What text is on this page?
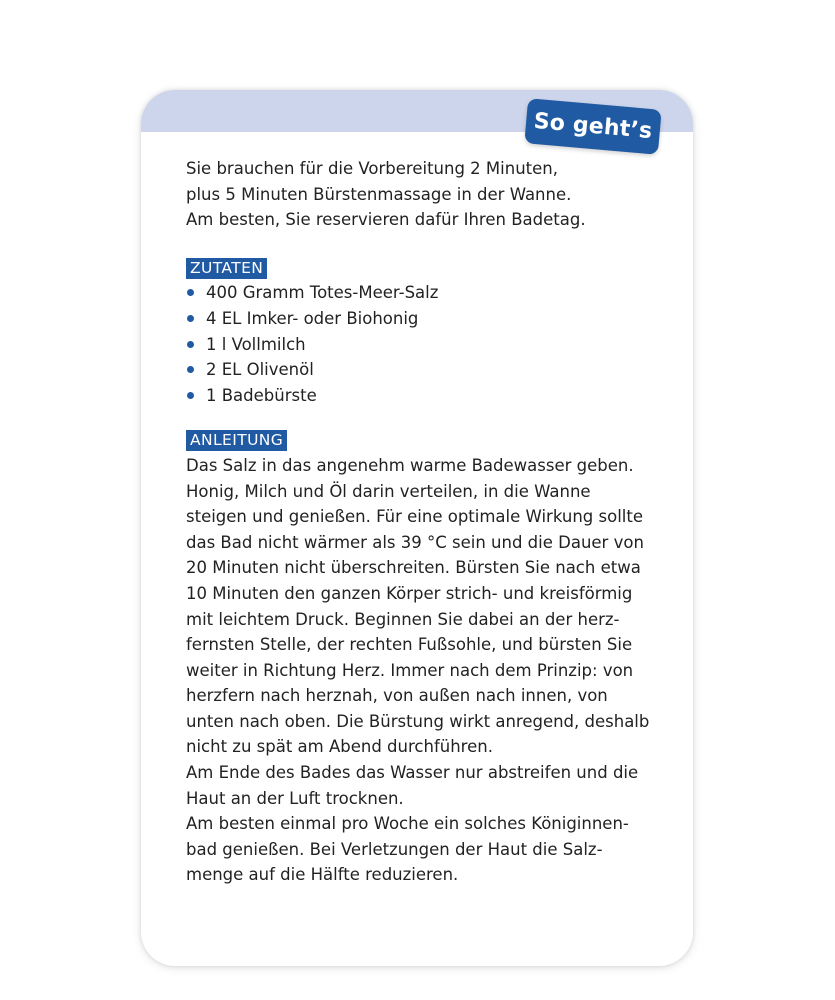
So geht’s
Sie brauchen für die Vorbereitung 2 Minuten,
plus 5 Minuten Bürstenmassage in der Wanne.
Am besten, Sie reservieren dafür Ihren Badetag.
ZUTATEN
400 Gramm Totes-Meer-Salz
4 EL Imker- oder Biohonig
1 l Vollmilch
2 EL Olivenöl
1 Badebürste
ANLEITUNG
Das Salz in das angenehm warme Badewasser geben.
Honig, Milch und Öl darin verteilen, in die Wanne
steigen und genießen. Für eine optimale Wirkung sollte
das Bad nicht wärmer als 39 °C sein und die Dauer von
20 Minuten nicht überschreiten. Bürsten Sie nach etwa
10 Minuten den ganzen Körper strich- und kreisförmig
mit leichtem Druck. Beginnen Sie dabei an der herz-
fernsten Stelle, der rechten Fußsohle, und bürsten Sie
weiter in Richtung Herz. Immer nach dem Prinzip: von
herzfern nach herznah, von außen nach innen, von
unten nach oben. Die Bürstung wirkt anregend, deshalb
nicht zu spät am Abend durchführen.
Am Ende des Bades das Wasser nur abstreifen und die
Haut an der Luft trocknen.
Am besten einmal pro Woche ein solches Königinnen-
bad genießen. Bei Verletzungen der Haut die Salz-
menge auf die Hälfte reduzieren.
